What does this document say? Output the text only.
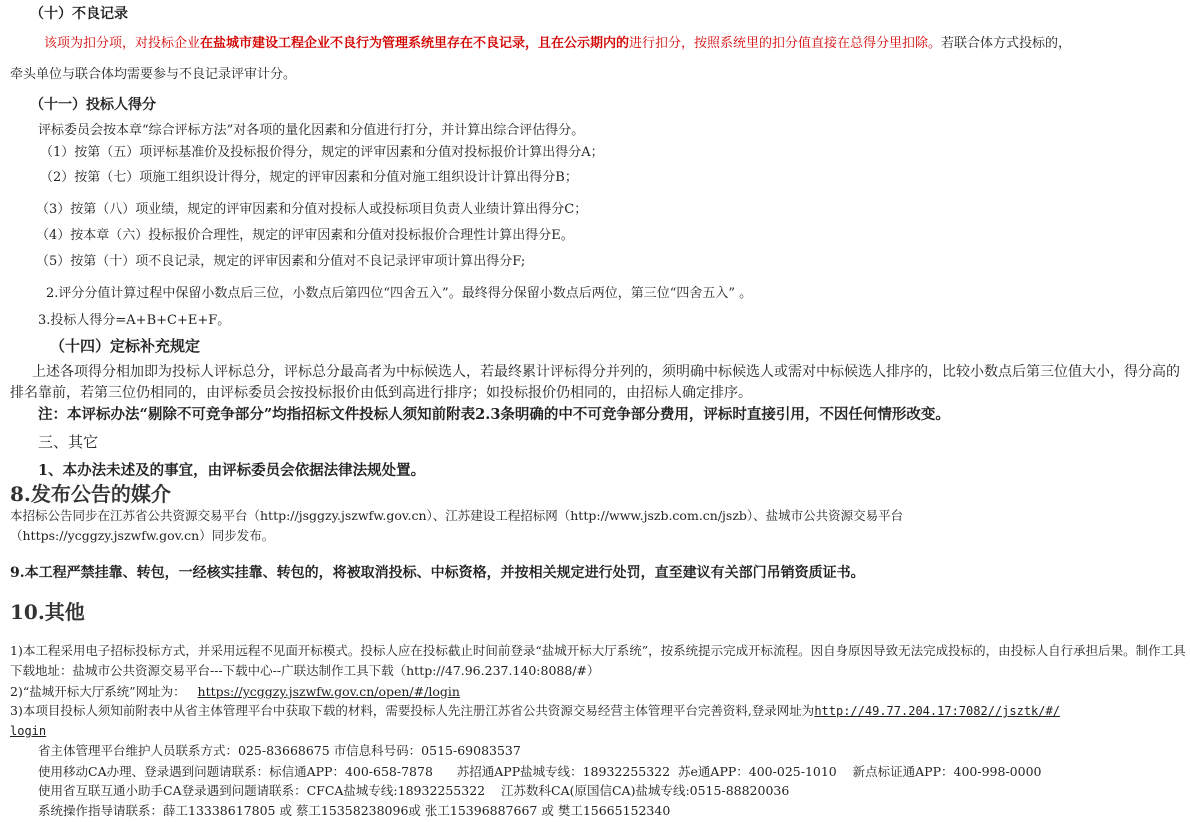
（十）不良记录
该项为扣分项，对投标企业在盐城市建设工程企业不良行为管理系统里存在不良记录，且在公示期内的进行扣分，按照系统里的扣分值直接在总得分里扣除。若联合体方式投标的，
牵头单位与联合体均需要参与不良记录评审计分。
（十一）投标人得分
评标委员会按本章“综合评标方法”对各项的量化因素和分值进行打分，并计算出综合评估得分。
（1）按第（五）项评标基准价及投标报价得分，规定的评审因素和分值对投标报价计算出得分A；
（2）按第（七）项施工组织设计得分，规定的评审因素和分值对施工组织设计计算出得分B；
（3）按第（八）项业绩，规定的评审因素和分值对投标人或投标项目负责人业绩计算出得分C；
（4）按本章（六）投标报价合理性，规定的评审因素和分值对投标报价合理性计算出得分E。
（5）按第（十）项不良记录，规定的评审因素和分值对不良记录评审项计算出得分F;
2.评分分值计算过程中保留小数点后三位，小数点后第四位“四舍五入”。最终得分保留小数点后两位，第三位“四舍五入” 。
3.投标人得分=A+B+C+E+F。
（十四）定标补充规定
上述各项得分相加即为投标人评标总分，评标总分最高者为中标候选人，若最终累计评标得分并列的，须明确中标候选人或需对中标候选人排序的，比较小数点后第三位值大小，得分高的排名靠前，若第三位仍相同的，由评标委员会按投标报价由低到高进行排序；如投标报价仍相同的，由招标人确定排序。
注：本评标办法“剔除不可竞争部分”均指招标文件投标人须知前附表2.3条明确的中不可竞争部分费用，评标时直接引用，不因任何情形改变。
三、其它
1、本办法未述及的事宜，由评标委员会依据法律法规处置。
8.发布公告的媒介
本招标公告同步在江苏省公共资源交易平台（http://jsggzy.jszwfw.gov.cn）、江苏建设工程招标网（http://www.jszb.com.cn/jszb）、盐城市公共资源交易平台（https://ycggzy.jszwfw.gov.cn）同步发布。
9.本工程严禁挂靠、转包，一经核实挂靠、转包的，将被取消投标、中标资格，并按相关规定进行处罚，直至建议有关部门吊销资质证书。
10.其他
1)本工程采用电子招标投标方式，并采用远程不见面开标模式。投标人应在投标截止时间前登录“盐城开标大厅系统”，按系统提示完成开标流程。因自身原因导致无法完成投标的，由投标人自行承担后果。制作工具下载地址：盐城市公共资源交易平台---下载中心--广联达制作工具下载（http://47.96.237.140:8088/#）
2)“盐城开标大厅系统”网址为： https://ycggzy.jszwfw.gov.cn/open/#/login
3)本项目投标人须知前附表中从省主体管理平台中获取下载的材料，需要投标人先注册江苏省公共资源交易经营主体管理平台完善资料,登录网址为http://49.77.204.17:7082//jsztk/#/
login
省主体管理平台维护人员联系方式：025-83668675 市信息科号码：0515-69083537
使用移动CA办理、登录遇到问题请联系：标信通APP：400-658-7878      苏招通APP盐城专线：18932255322  苏e通APP：400-025-1010    新点标证通APP：400-998-0000
使用省互联互通小助手CA登录遇到问题请联系：CFCA盐城专线:18932255322    江苏数科CA(原国信CA)盐城专线:0515-88820036
系统操作指导请联系：薛工13338617805 或 蔡工15358238096或 张工15396887667 或 樊工15665152340
